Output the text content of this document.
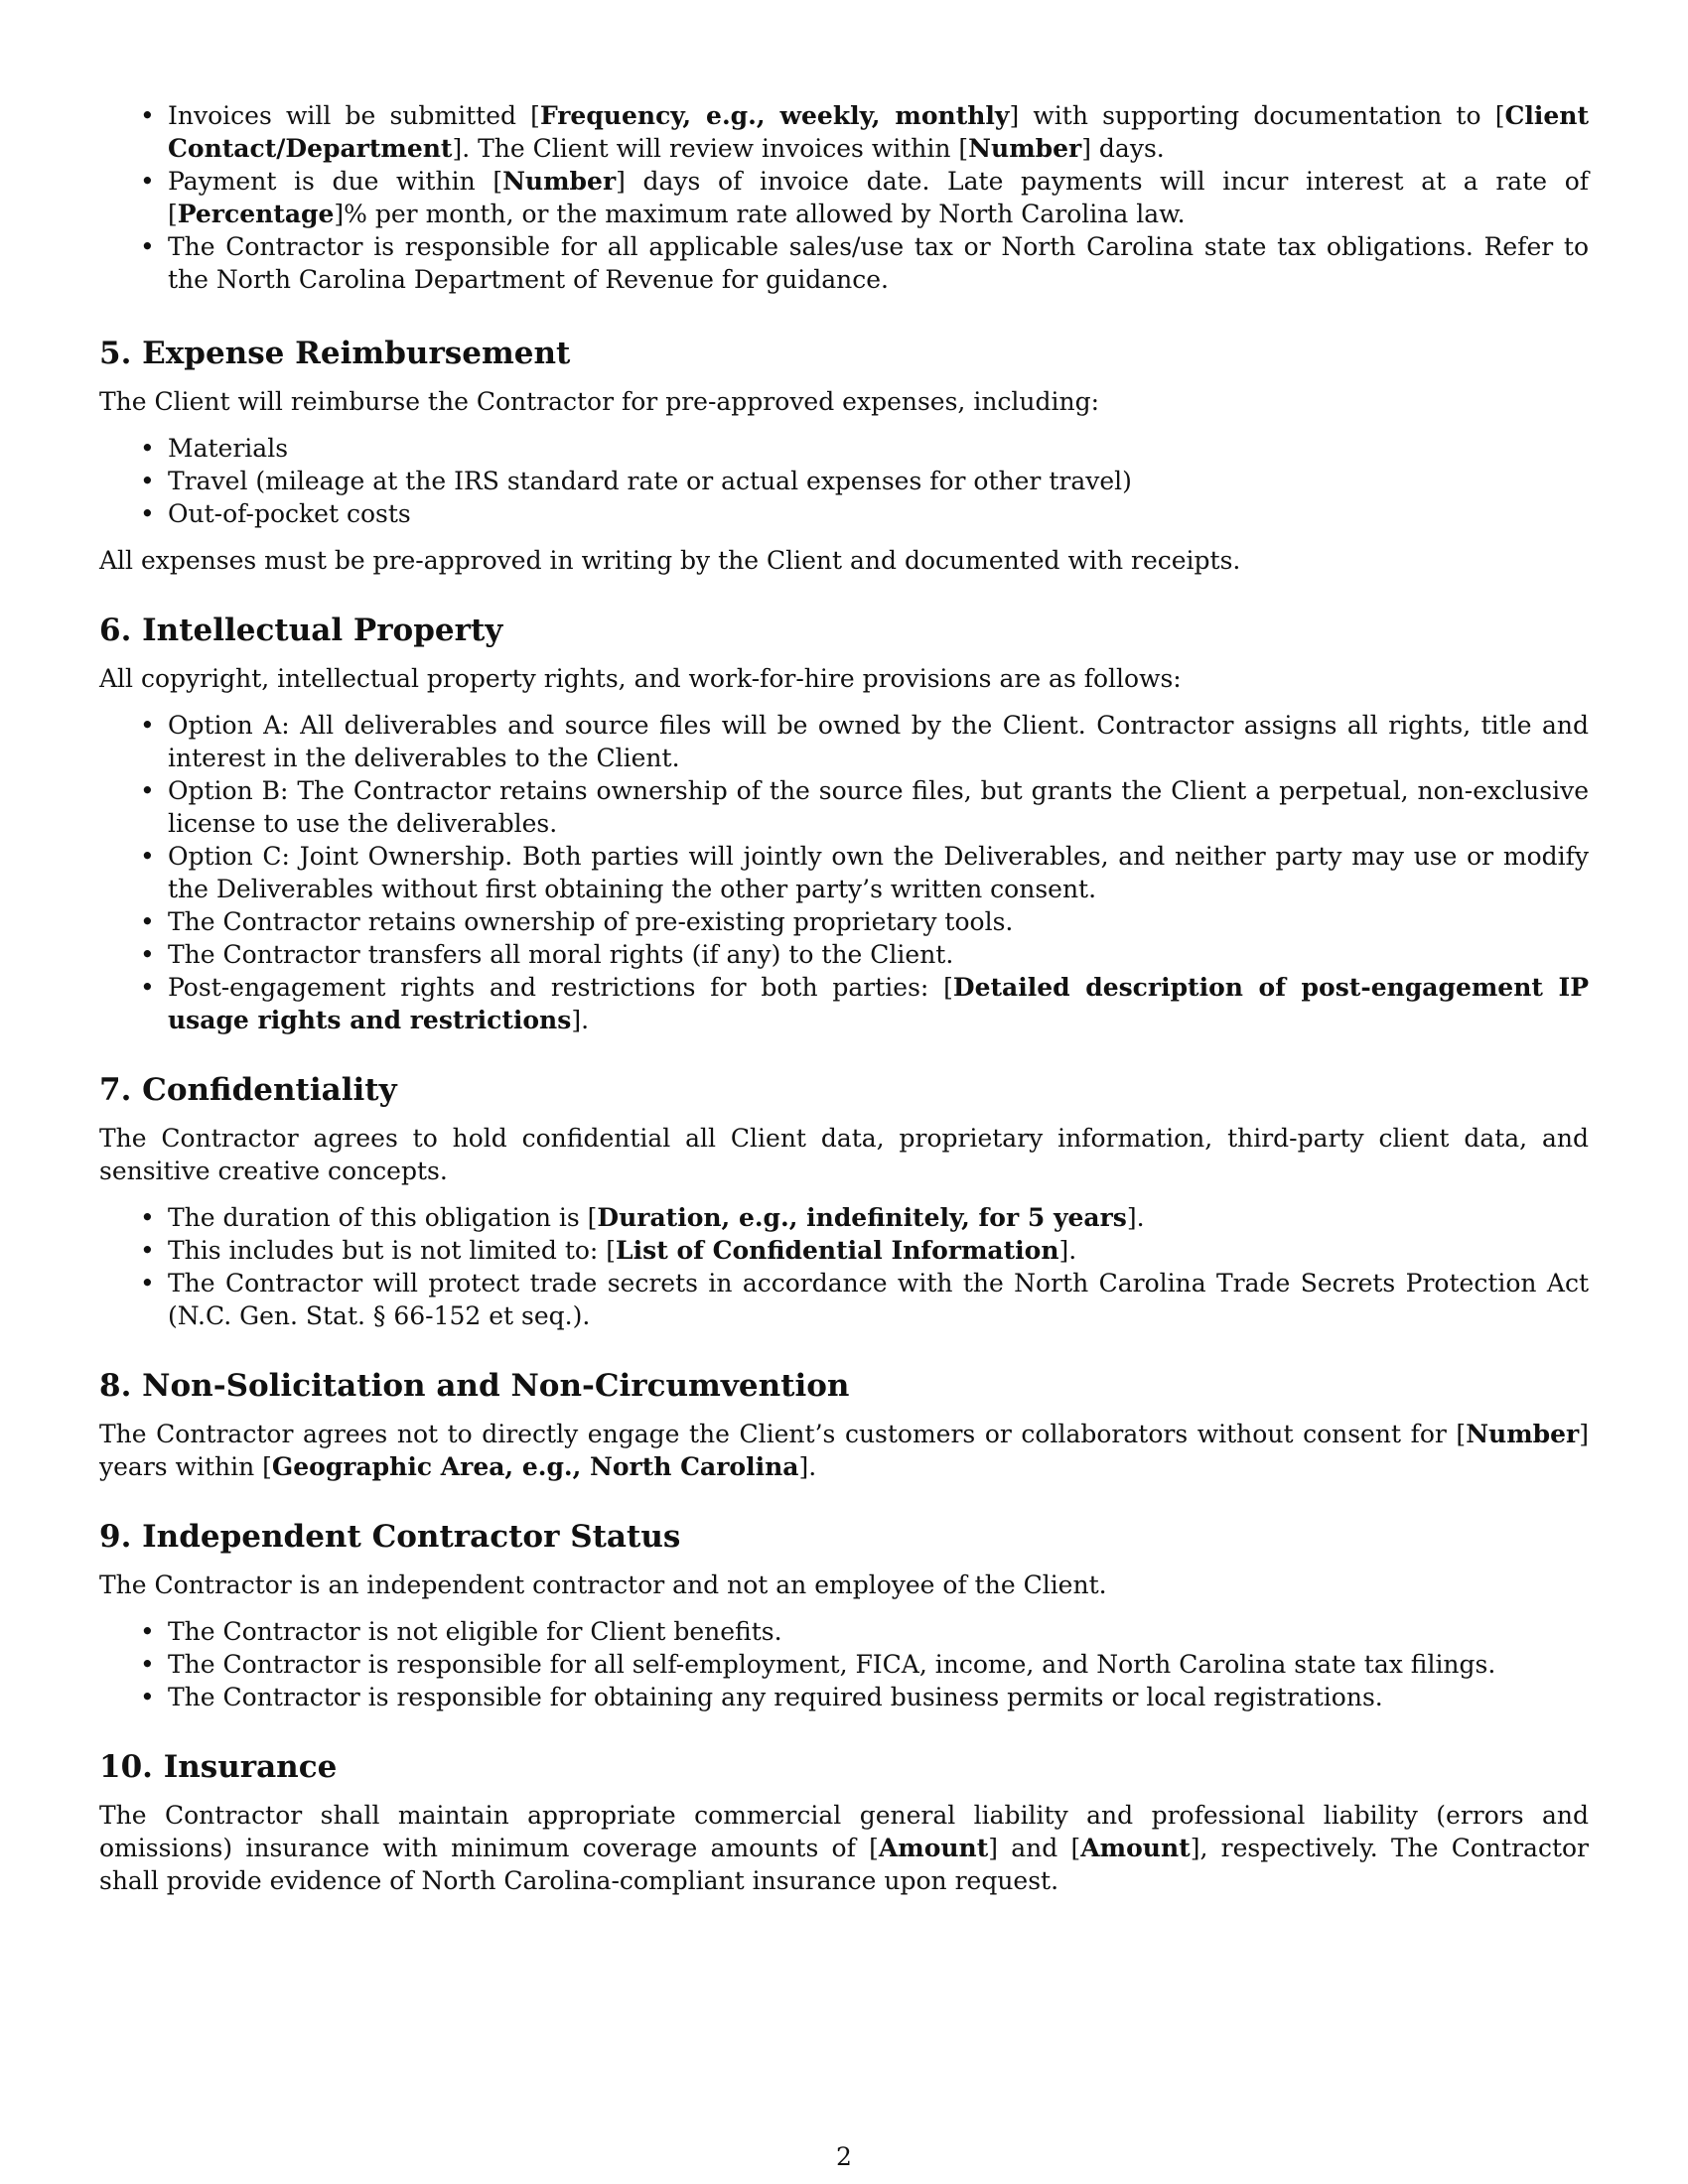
• Invoices will be submitted [Frequency, e.g., weekly, monthly] with supporting documentation to [Client Contact/Department]. The Client will review invoices within [Number] days.
• Payment is due within [Number] days of invoice date. Late payments will incur interest at a rate of [Percentage]% per month, or the maximum rate allowed by North Carolina law.
• The Contractor is responsible for all applicable sales/use tax or North Carolina state tax obligations. Refer to the North Carolina Department of Revenue for guidance.
5. Expense Reimbursement

The Client will reimburse the Contractor for pre-approved expenses, including:

• Materials
• Travel (mileage at the IRS standard rate or actual expenses for other travel)
• Out-of-pocket costs

All expenses must be pre-approved in writing by the Client and documented with receipts.

6. Intellectual Property

All copyright, intellectual property rights, and work-for-hire provisions are as follows:

• Option A: All deliverables and source files will be owned by the Client. Contractor assigns all rights, title and interest in the deliverables to the Client.
• Option B: The Contractor retains ownership of the source files, but grants the Client a perpetual, non-exclusive license to use the deliverables.
• Option C: Joint Ownership. Both parties will jointly own the Deliverables, and neither party may use or modify the Deliverables without first obtaining the other party’s written consent.
• The Contractor retains ownership of pre-existing proprietary tools.
• The Contractor transfers all moral rights (if any) to the Client.
• Post-engagement rights and restrictions for both parties: [Detailed description of post-engagement IP usage rights and restrictions].
7. Confidentiality

The Contractor agrees to hold confidential all Client data, proprietary information, third-party client data, and sensitive creative concepts.

• The duration of this obligation is [Duration, e.g., indefinitely, for 5 years].
• This includes but is not limited to: [List of Confidential Information].
• The Contractor will protect trade secrets in accordance with the North Carolina Trade Secrets Protection Act (N.C. Gen. Stat. § 66-152 et seq.).
8. Non-Solicitation and Non-Circumvention

The Contractor agrees not to directly engage the Client’s customers or collaborators without consent for [Number] years within [Geographic Area, e.g., North Carolina].

9. Independent Contractor Status

The Contractor is an independent contractor and not an employee of the Client.

• The Contractor is not eligible for Client benefits.
• The Contractor is responsible for all self-employment, FICA, income, and North Carolina state tax filings.
• The Contractor is responsible for obtaining any required business permits or local registrations.
10. Insurance

The Contractor shall maintain appropriate commercial general liability and professional liability (errors and omissions) insurance with minimum coverage amounts of [Amount] and [Amount], respectively. The Contractor shall provide evidence of North Carolina-compliant insurance upon request.

2
